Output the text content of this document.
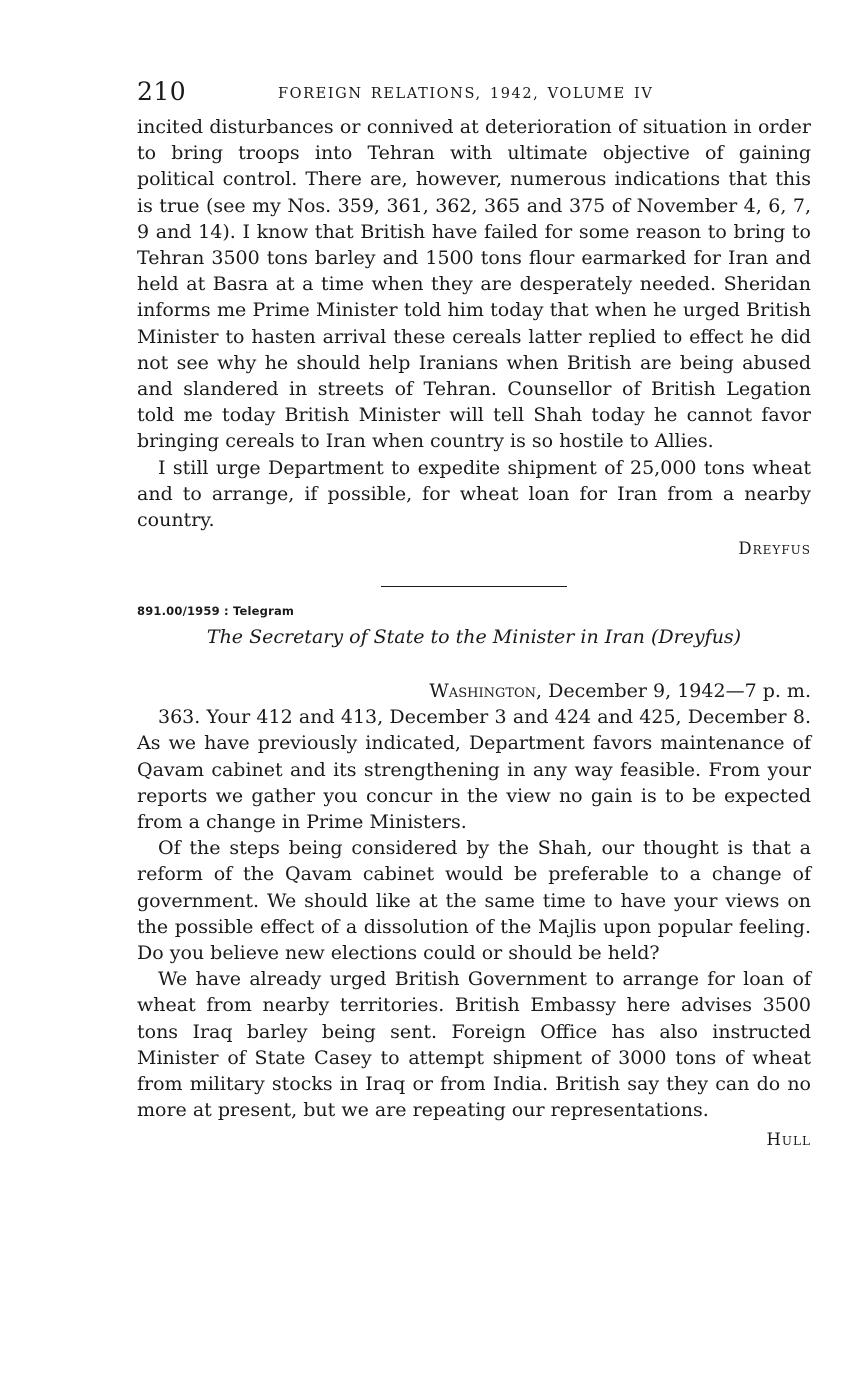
210	FOREIGN RELATIONS, 1942, VOLUME IV

incited disturbances or connived at deterioration of situation in order to bring troops into Tehran with ultimate objective of gaining political control. There are, however, numerous indications that this is true (see my Nos. 359, 361, 362, 365 and 375 of November 4, 6, 7, 9 and 14). I know that British have failed for some reason to bring to Tehran 3500 tons barley and 1500 tons flour earmarked for Iran and held at Basra at a time when they are desperately needed. Sheridan informs me Prime Minister told him today that when he urged British Minister to hasten arrival these cereals latter replied to effect he did not see why he should help Iranians when British are being abused and slandered in streets of Tehran. Counsellor of British Legation told me today British Minister will tell Shah today he cannot favor bringing cereals to Iran when country is so hostile to Allies.

I still urge Department to expedite shipment of 25,000 tons wheat and to arrange, if possible, for wheat loan for Iran from a nearby country.

Dreyfus

891.00/1959 : Telegram

The Secretary of State to the Minister in Iran (Dreyfus)

Washington, December 9, 1942—7 p. m.

363. Your 412 and 413, December 3 and 424 and 425, December 8. As we have previously indicated, Department favors maintenance of Qavam cabinet and its strengthening in any way feasible. From your reports we gather you concur in the view no gain is to be expected from a change in Prime Ministers.

Of the steps being considered by the Shah, our thought is that a reform of the Qavam cabinet would be preferable to a change of government. We should like at the same time to have your views on the possible effect of a dissolution of the Majlis upon popular feeling. Do you believe new elections could or should be held?

We have already urged British Government to arrange for loan of wheat from nearby territories. British Embassy here advises 3500 tons Iraq barley being sent. Foreign Office has also instructed Minister of State Casey to attempt shipment of 3000 tons of wheat from military stocks in Iraq or from India. British say they can do no more at present, but we are repeating our representations.

Hull
